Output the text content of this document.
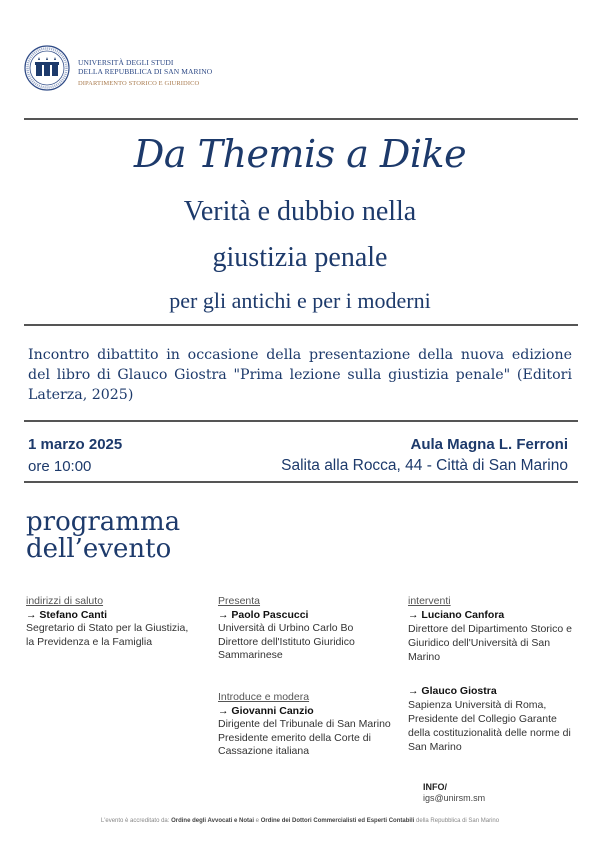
UNIVERSITÀ DEGLI STUDI
DELLA REPUBBLICA DI SAN MARINO
DIPARTIMENTO STORICO E GIURIDICO
Da Themis a Dike
Verità e dubbio nella
giustizia penale
per gli antichi e per i moderni
Incontro dibattito in occasione della presentazione della nuova edizione del libro di Glauco Giostra "Prima lezione sulla giustizia penale" (Editori Laterza, 2025)
1 marzo 2025
ore 10:00
Aula Magna L. Ferroni
Salita alla Rocca, 44 - Città di San Marino
programma
dell’evento
indirizzi di saluto
→ Stefano Canti
Segretario di Stato per la Giustizia, la Previdenza e la Famiglia
Presenta
→ Paolo Pascucci
Università di Urbino Carlo Bo
Direttore dell'Istituto Giuridico Sammarinese
Introduce e modera
→ Giovanni Canzio
Dirigente del Tribunale di San Marino
Presidente emerito della Corte di Cassazione italiana
interventi
→ Luciano Canfora
Direttore del Dipartimento Storico e Giuridico dell'Università di San Marino
→ Glauco Giostra
Sapienza Università di Roma, Presidente del Collegio Garante della costituzionalità delle norme di San Marino
INFO/
igs@unirsm.sm
L'evento è accreditato da: Ordine degli Avvocati e Notai e Ordine dei Dottori Commercialisti ed Esperti Contabili della Repubblica di San Marino
